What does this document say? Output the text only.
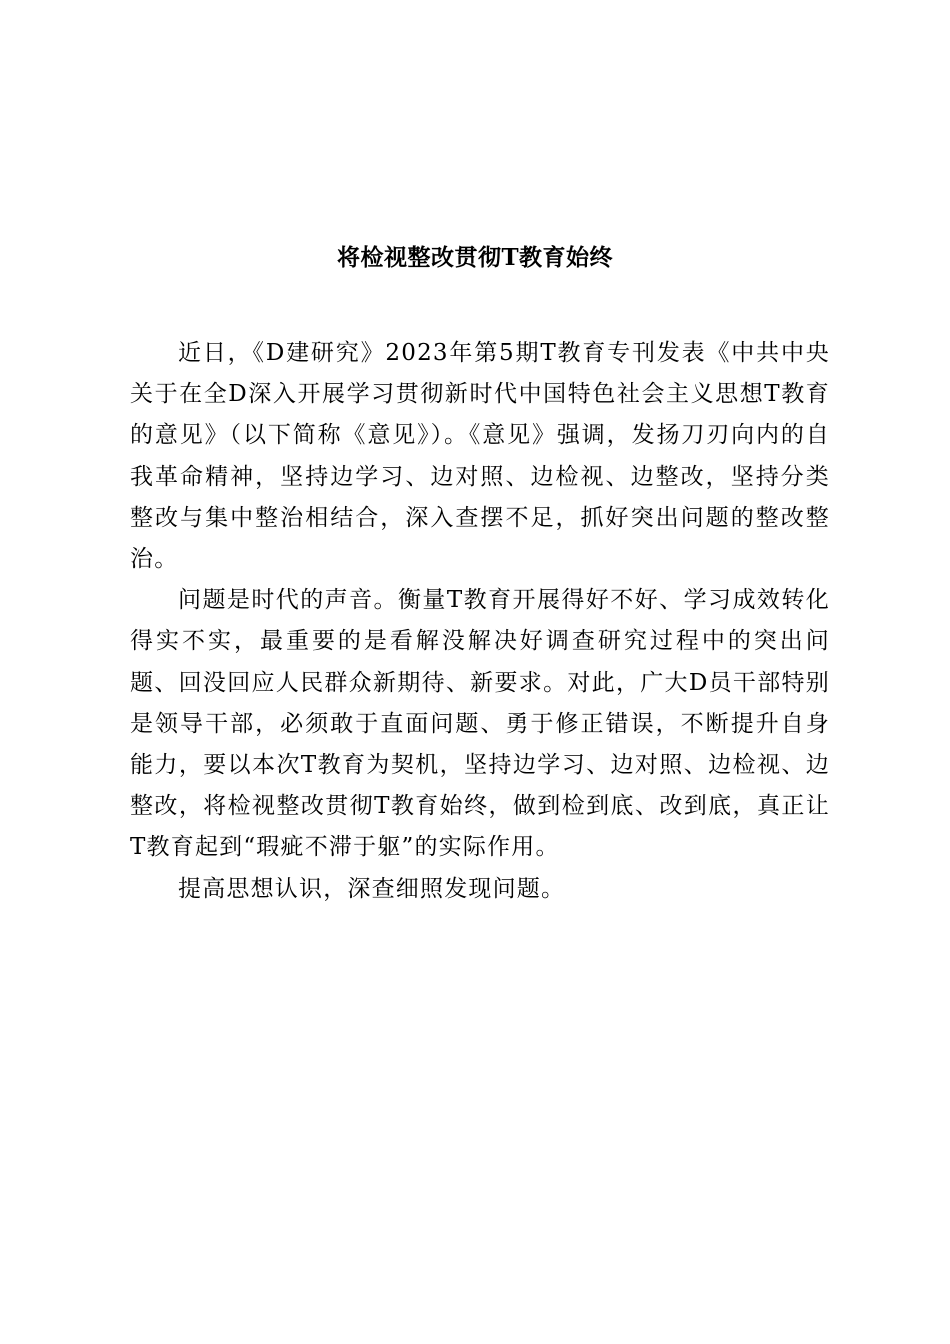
将检视整改贯彻T教育始终

近日，《D建研究》2023年第5期T教育专刊发表《中共中央关于在全D深入开展学习贯彻新时代中国特色社会主义思想T教育的意见》（以下简称《意见》）。《意见》强调，发扬刀刃向内的自我革命精神，坚持边学习、边对照、边检视、边整改，坚持分类整改与集中整治相结合，深入查摆不足，抓好突出问题的整改整治。

问题是时代的声音。衡量T教育开展得好不好、学习成效转化得实不实，最重要的是看解没解决好调查研究过程中的突出问题、回没回应人民群众新期待、新要求。对此，广大D员干部特别是领导干部，必须敢于直面问题、勇于修正错误，不断提升自身能力，要以本次T教育为契机，坚持边学习、边对照、边检视、边整改，将检视整改贯彻T教育始终，做到检到底、改到底，真正让T教育起到“瑕疵不滞于躯”的实际作用。

提高思想认识，深查细照发现问题。
